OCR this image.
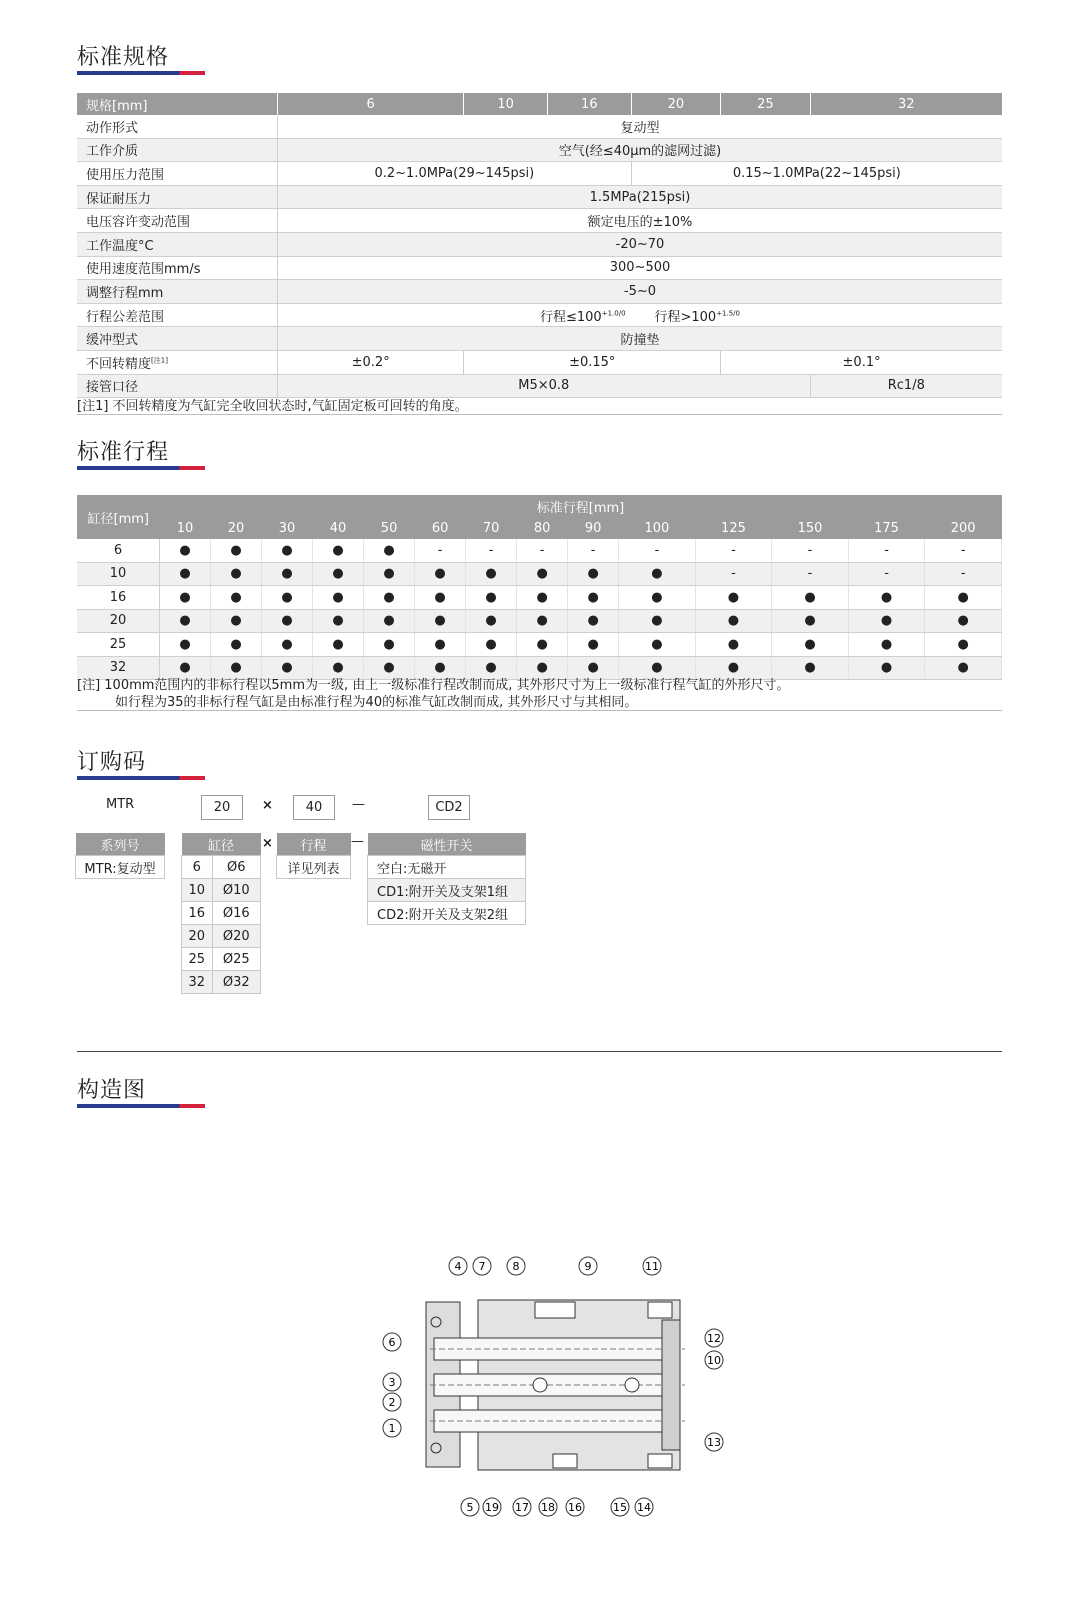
标准规格
规格[mm]	6	10	16	20	25	32
动作形式	复动型					
工作介质	空气(经≤40μm的滤网过滤)					
使用压力范围	0.2~1.0MPa(29~145psi)			0.15~1.0MPa(22~145psi)		
保证耐压力	1.5MPa(215psi)					
电压容许变动范围	额定电压的±10%					
工作温度°C	-20~70					
使用速度范围mm/s	300~500					
调整行程mm	-5~0					
行程公差范围	行程$\le 100^{+1.0/0}$ 行程$>100^{+1.5/0}$
缓冲型式	防撞垫					
不回转精度[注1]	±0.2°	±0.15°			±0.1°	
接管口径	M5×0.8					Rc1/8
[注1] 不回转精度为气缸完全收回状态时,气缸固定板可回转的角度。
标准行程
缸径[mm]	标准行程[mm]													
	10	20	30	40	50	60	70	80	90	100	125	150	175	200
6	●	●	●	●	●	-	-	-	-	-	-	-	-	-
10	●	●	●	●	●	●	●	●	●	●	-	-	-	-
16	●	●	●	●	●	●	●	●	●	●	●	●	●	●
20	●	●	●	●	●	●	●	●	●	●	●	●	●	●
25	●	●	●	●	●	●	●	●	●	●	●	●	●	●
32	●	●	●	●	●	●	●	●	●	●	●	●	●	●
[注] 100mm范围内的非标行程以5mm为一级, 由上一级标准行程改制而成, 其外形尺寸为上一级标准行程气缸的外形尺寸。
如行程为35的非标行程气缸是由标准行程为40的标准气缸改制而成, 其外形尺寸与其相同。
订购码
MTR	20	×	40	—	CD2
系列号
MTR:复动型
缸径	
6	Ø6
10	Ø10
16	Ø16
20	Ø20
25	Ø25
32	Ø32
× 行程
详见列表
—	磁性开关
空白:无磁开
CD1:附开关及支架1组
CD2:附开关及支架2组
构造图
1
2
3
4
5
6
7 8	9
10
11
12
13
14
15
16
17 18
19
